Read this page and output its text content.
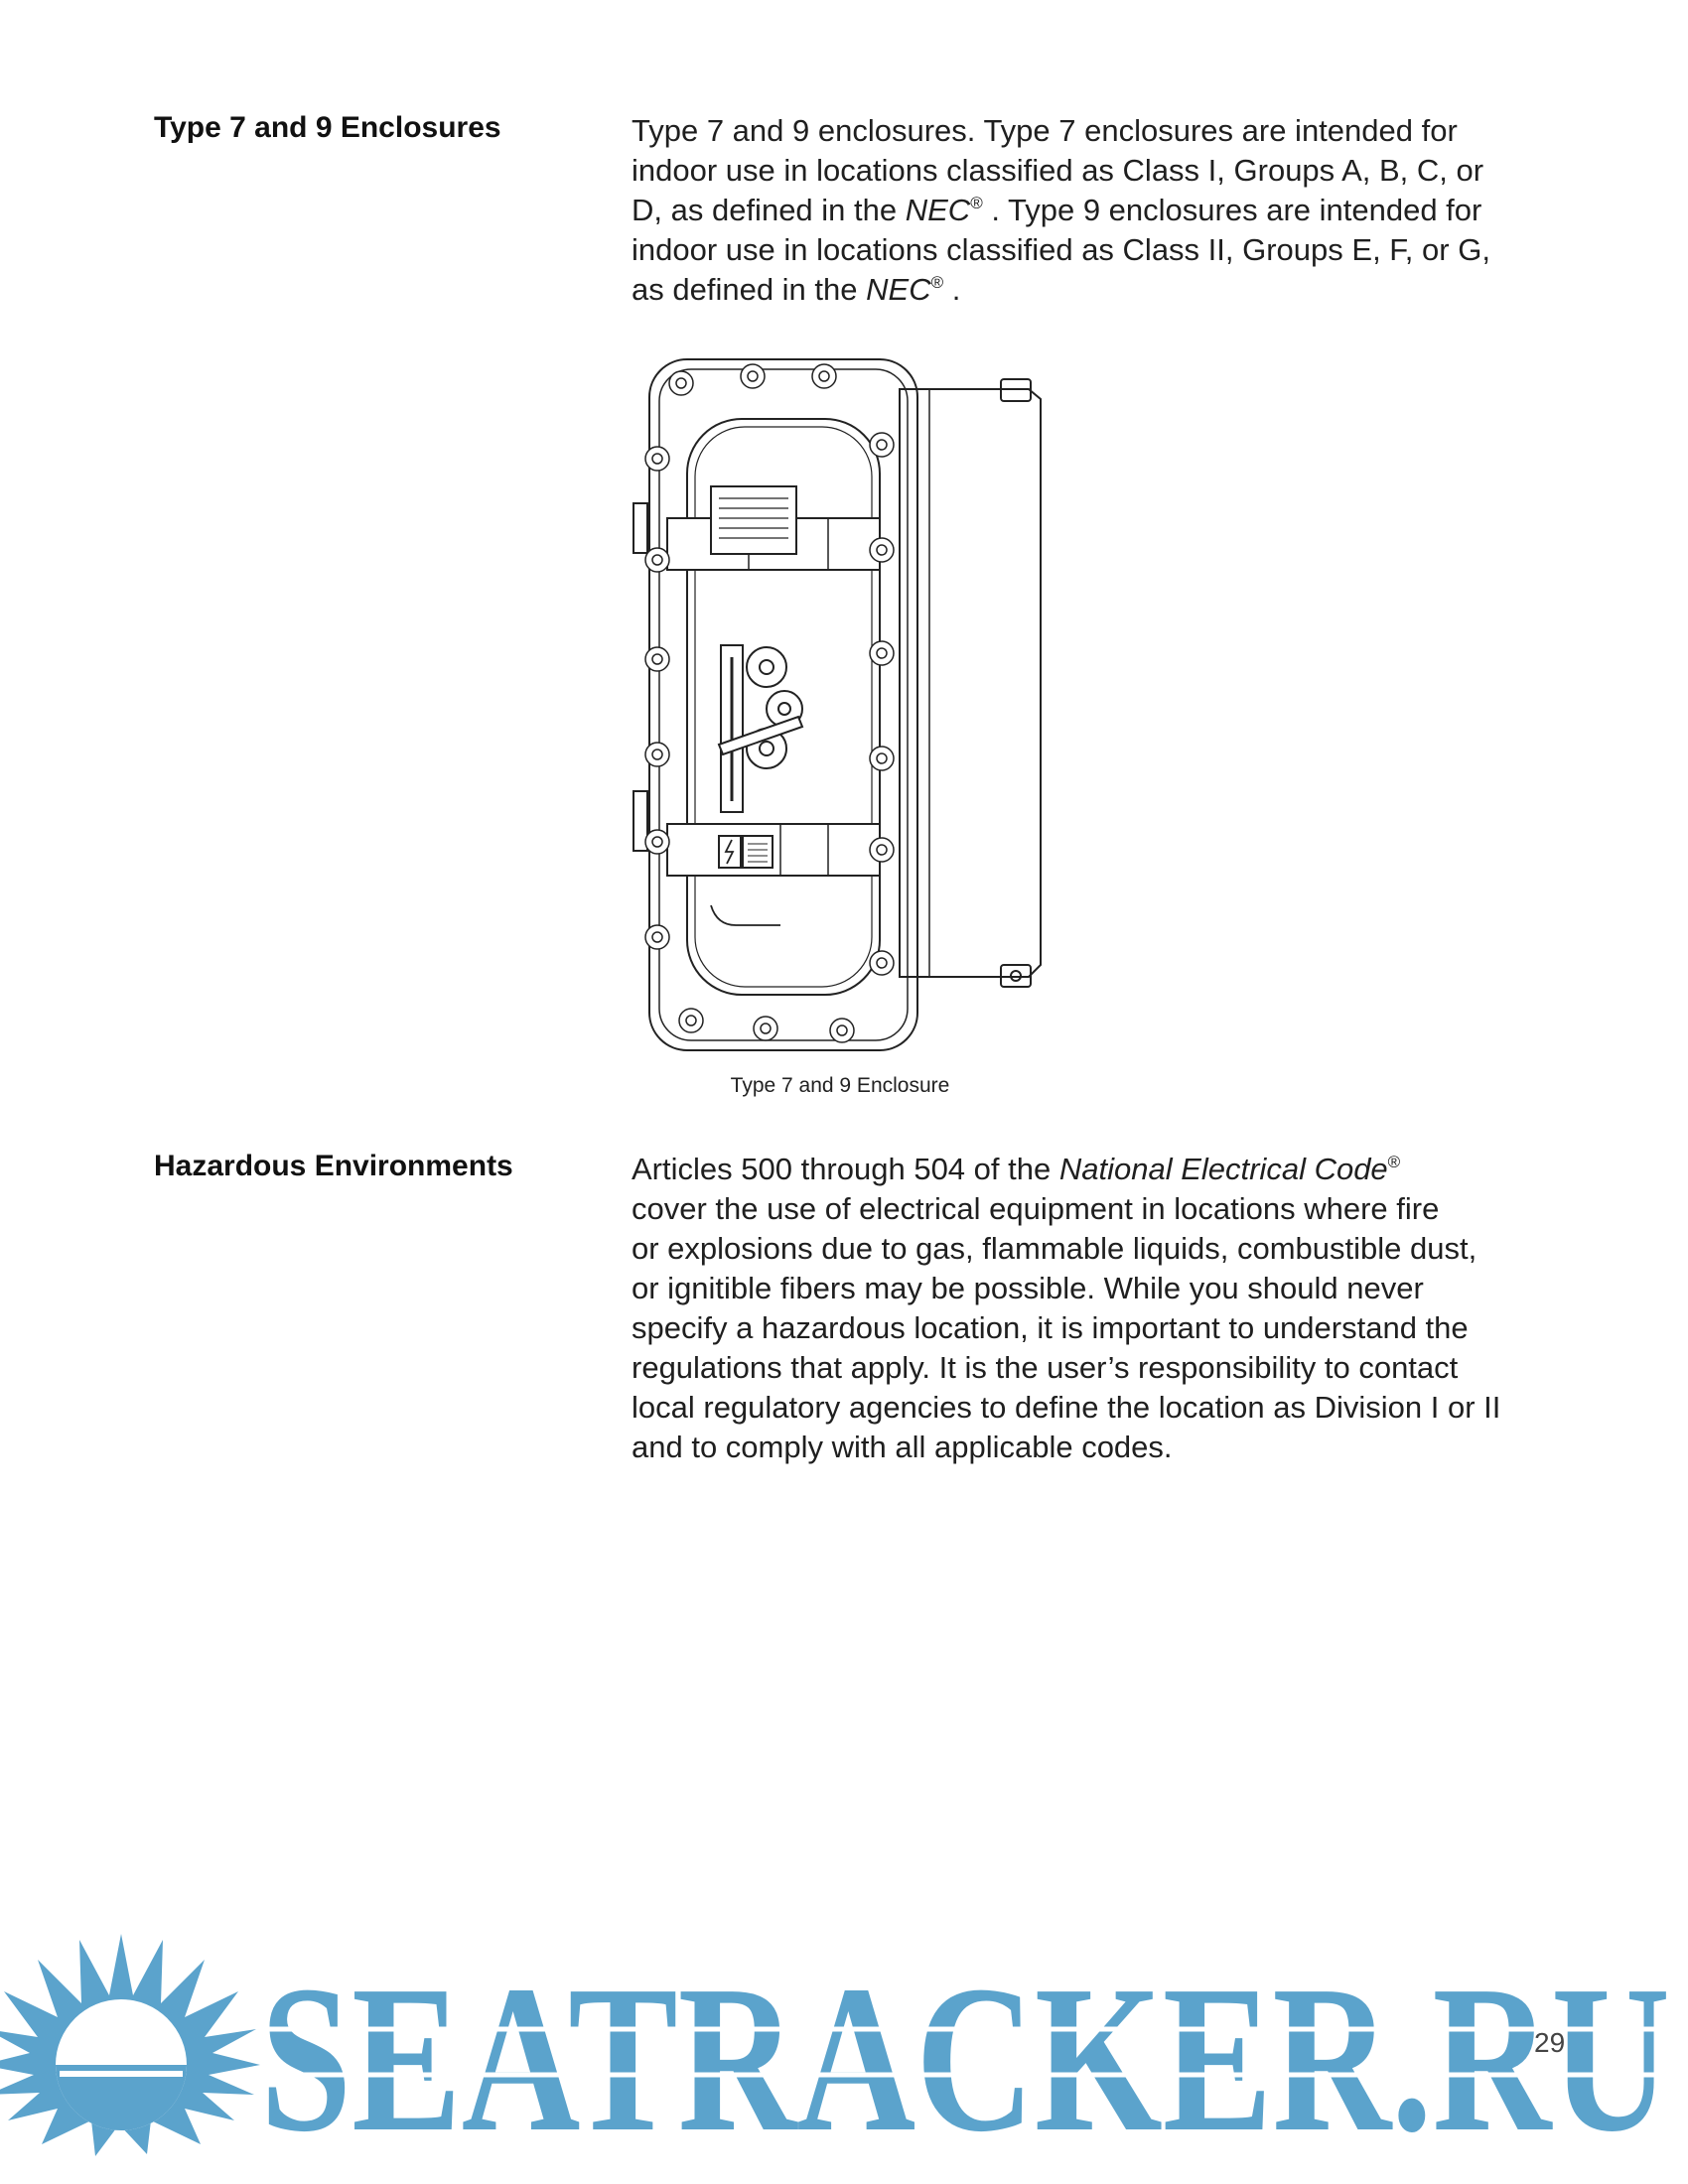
Type 7 and 9 Enclosures	Type 7 and 9 enclosures. Type 7 enclosures are intended for
indoor use in locations classified as Class I, Groups A, B, C, or
D, as defined in the NEC® . Type 9 enclosures are intended for
indoor use in locations classified as Class II, Groups E, F, or G,
as defined in the NEC® .

Type 7 and 9 Enclosure
Hazardous Environments	Articles 500 through 504 of the National Electrical Code®
cover the use of electrical equipment in locations where fire
or explosions due to gas, flammable liquids, combustible dust,
or ignitible fibers may be possible. While you should never
specify a hazardous location, it is important to understand the
regulations that apply. It is the user’s responsibility to contact
local regulatory agencies to define the location as Division I or II
and to comply with all applicable codes.

SEATRACKER.RU
29
